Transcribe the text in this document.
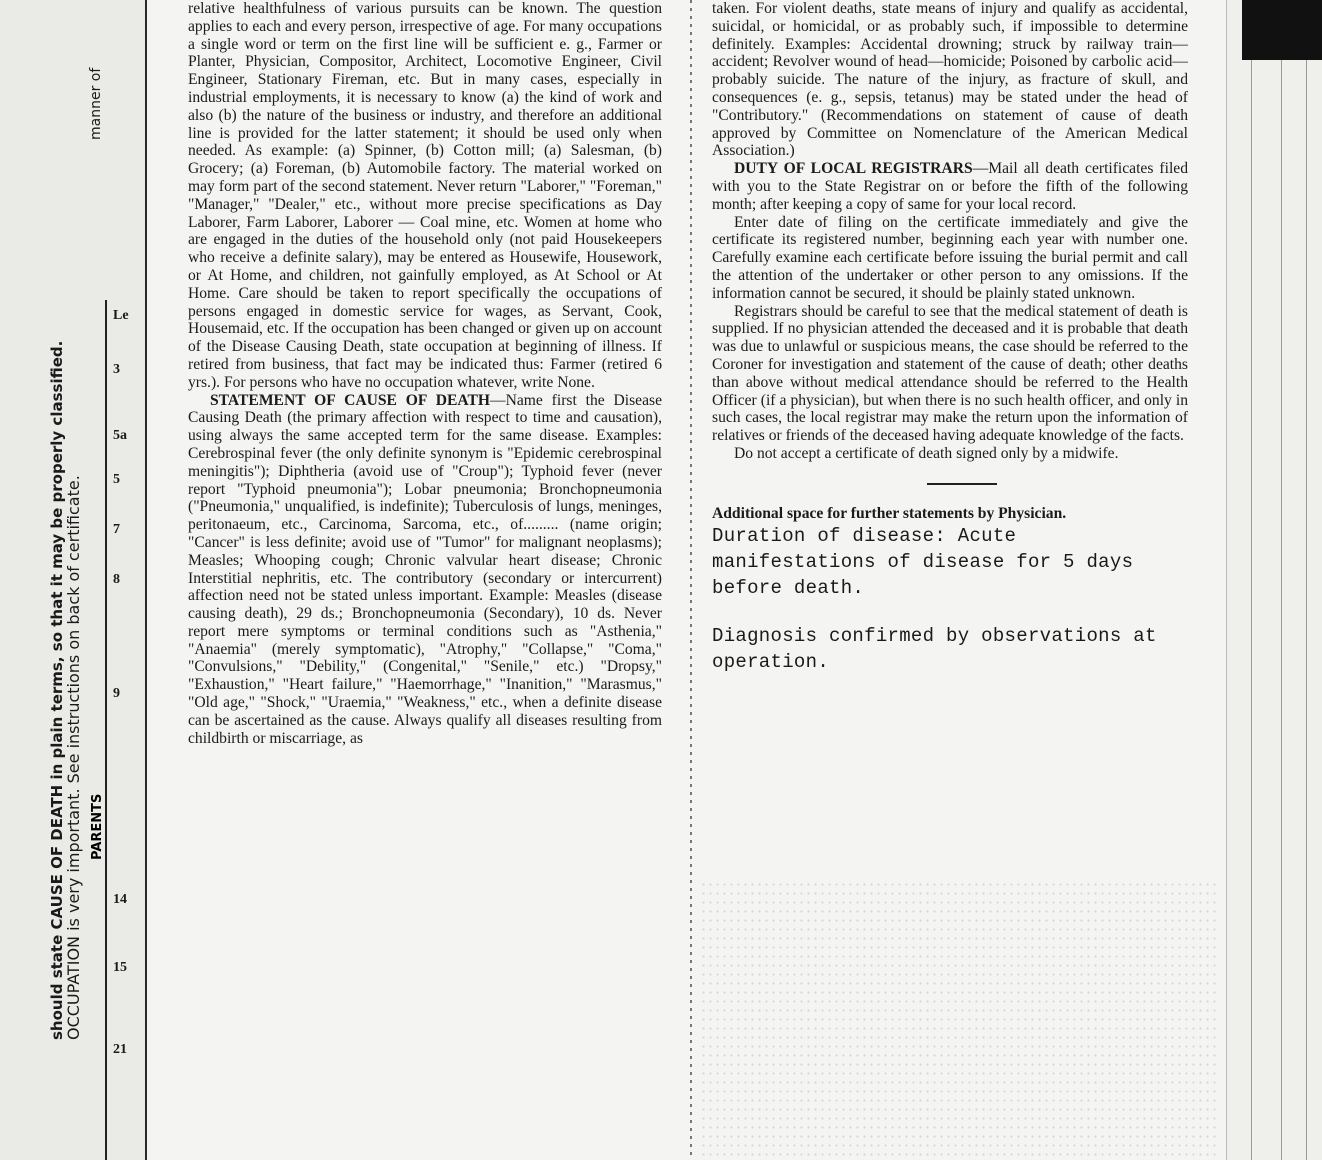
should state CAUSE OF DEATH in plain terms, so that it may be properly classified.
OCCUPATION is very important. See instructions on back of certificate.
manner of
PARENTS
Le
3
5a
5
7
8
9
14
15
21

relative healthfulness of various pursuits can be known. The question applies to each and every person, irrespective of age. For many occupations a single word or term on the first line will be sufficient e. g., Farmer or Planter, Physician, Compositor, Architect, Locomotive Engineer, Civil Engineer, Stationary Fireman, etc. But in many cases, especially in industrial employments, it is necessary to know (a) the kind of work and also (b) the nature of the business or industry, and therefore an additional line is provided for the latter statement; it should be used only when needed. As example: (a) Spinner, (b) Cotton mill; (a) Salesman, (b) Grocery; (a) Foreman, (b) Automobile factory. The material worked on may form part of the second statement. Never return "Laborer," "Foreman," "Manager," "Dealer," etc., without more precise specifications as Day Laborer, Farm Laborer, Laborer — Coal mine, etc. Women at home who are engaged in the duties of the household only (not paid Housekeepers who receive a definite salary), may be entered as Housewife, Housework, or At Home, and children, not gainfully employed, as At School or At Home. Care should be taken to report specifically the occupations of persons engaged in domestic service for wages, as Servant, Cook, Housemaid, etc. If the occupation has been changed or given up on account of the Disease Causing Death, state occupation at beginning of illness. If retired from business, that fact may be indicated thus: Farmer (retired 6 yrs.). For persons who have no occupation whatever, write None.

STATEMENT OF CAUSE OF DEATH—Name first the Disease Causing Death (the primary affection with respect to time and causation), using always the same accepted term for the same disease. Examples: Cerebrospinal fever (the only definite synonym is "Epidemic cerebrospinal meningitis"); Diphtheria (avoid use of "Croup"); Typhoid fever (never report "Typhoid pneumonia"); Lobar pneumonia; Bronchopneumonia ("Pneumonia," unqualified, is indefinite); Tuberculosis of lungs, meninges, peritonaeum, etc., Carcinoma, Sarcoma, etc., of......... (name origin; "Cancer" is less definite; avoid use of "Tumor" for malignant neoplasms); Measles; Whooping cough; Chronic valvular heart disease; Chronic Interstitial nephritis, etc. The contributory (secondary or intercurrent) affection need not be stated unless important. Example: Measles (disease causing death), 29 ds.; Bronchopneumonia (Secondary), 10 ds. Never report mere symptoms or terminal conditions such as "Asthenia," "Anaemia" (merely symptomatic), "Atrophy," "Collapse," "Coma," "Convulsions," "Debility," (Congenital," "Senile," etc.) "Dropsy," "Exhaustion," "Heart failure," "Haemorrhage," "Inanition," "Marasmus," "Old age," "Shock," "Uraemia," "Weakness," etc., when a definite disease can be ascertained as the cause. Always qualify all diseases resulting from childbirth or miscarriage, as

taken. For violent deaths, state means of injury and qualify as accidental, suicidal, or homicidal, or as probably such, if impossible to determine definitely. Examples: Accidental drowning; struck by railway train—accident; Revolver wound of head—homicide; Poisoned by carbolic acid—probably suicide. The nature of the injury, as fracture of skull, and consequences (e. g., sepsis, tetanus) may be stated under the head of "Contributory." (Recommendations on statement of cause of death approved by Committee on Nomenclature of the American Medical Association.)

DUTY OF LOCAL REGISTRARS—Mail all death certificates filed with you to the State Registrar on or before the fifth of the following month; after keeping a copy of same for your local record.

Enter date of filing on the certificate immediately and give the certificate its registered number, beginning each year with number one. Carefully examine each certificate before issuing the burial permit and call the attention of the undertaker or other person to any omissions. If the information cannot be secured, it should be plainly stated unknown.

Registrars should be careful to see that the medical statement of death is supplied. If no physician attended the deceased and it is probable that death was due to unlawful or suspicious means, the case should be referred to the Coroner for investigation and statement of the cause of death; other deaths than above without medical attendance should be referred to the Health Officer (if a physician), but when there is no such health officer, and only in such cases, the local registrar may make the return upon the information of relatives or friends of the deceased having adequate knowledge of the facts.

Do not accept a certificate of death signed only by a midwife.

Additional space for further statements by Physician.

Duration of disease: Acute manifestations of disease for 5 days before death.

Diagnosis confirmed by observations at operation.
